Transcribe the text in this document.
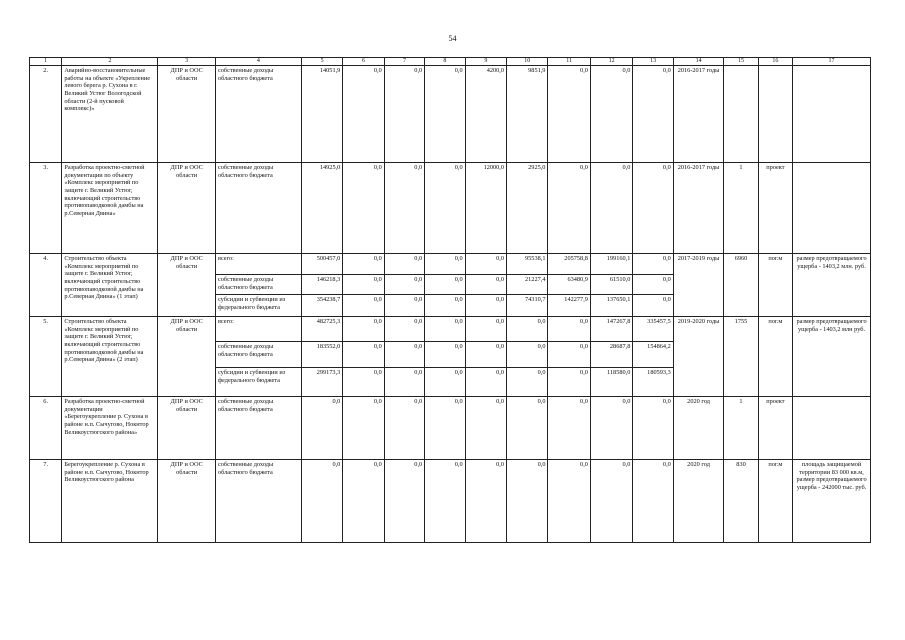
54
1	2	3	4	5	6	7	8	9	10	11	12	13	14	15	16	17
2.	Аварийно-восстановительные работы на объекте «Укрепление левого берега р. Сухона в г. Великий Устюг Вологодской области (2-й пусковой комплекс)»	ДПР и ООС области	собственные доходы областного бюджета	14051,9	0,0	0,0	0,0	4200,0	9851,9	0,0	0,0	0,0	2016-2017 годы			
3.	Разработка проектно-сметной документации по объекту «Комплекс мероприятий по защите г. Великий Устюг, включающий строительство противопаводковой дамбы на р.Северная Двина»	ДПР и ООС области	собственные доходы областного бюджета	14925,0	0,0	0,0	0,0	12000,0	2925,0	0,0	0,0	0,0	2016-2017 годы	1	проект	
4.	Строительство объекта «Комплекс мероприятий по защите г. Великий Устюг, включающий строительство противопаводковой дамбы на р.Северная Двина» (1 этап)	ДПР и ООС области	всего:	500457,0	0,0	0,0	0,0	0,0	95538,1	205758,8	199160,1	0,0	2017-2019 годы	6960	пог.м	размер предотвращаемого ущерба - 1403,2 млн. руб.
			собственные доходы областного бюджета	146218,3	0,0	0,0	0,0	0,0	21227,4	63480,9	61510,0	0,0				
			субсидии и субвенции из федерального бюджета	354238,7	0,0	0,0	0,0	0,0	74310,7	142277,9	137650,1	0,0				
5.	Строительство объекта «Комплекс мероприятий по защите г. Великий Устюг, включающий строительство противопаводковой дамбы на р.Северная Двина» (2 этап)	ДПР и ООС области	всего:	482725,3	0,0	0,0	0,0	0,0	0,0	0,0	147267,8	335457,5	2019-2020 годы	1755	пог.м	размер предотвращаемого ущерба - 1403,2 млн руб.
			собственные доходы областного бюджета	183552,0	0,0	0,0	0,0	0,0	0,0	0,0	28687,8	154864,2				
			субсидии и субвенции из федерального бюджета	299173,3	0,0	0,0	0,0	0,0	0,0	0,0	118580,0	180593,3				
6.	Разработка проектно-сметной документации «Берегоукрепление р. Сухона в районе н.п. Сычугово, Нокнтор Великоустюгского района»	ДПР и ООС области	собственные доходы областного бюджета	0,0	0,0	0,0	0,0	0,0	0,0	0,0	0,0	0,0	2020 год	1	проект	
7.	Берегоукрепление р. Сухона в районе н.п. Сычугово, Нокнтор Великоустюгского района	ДПР и ООС области	собственные доходы областного бюджета	0,0	0,0	0,0	0,0	0,0	0,0	0,0	0,0	0,0	2020 год	830	пог.м	площадь защищаемой территории 83 000 кв.м, размер предотвращаемого ущерба - 242000 тыс. руб.
